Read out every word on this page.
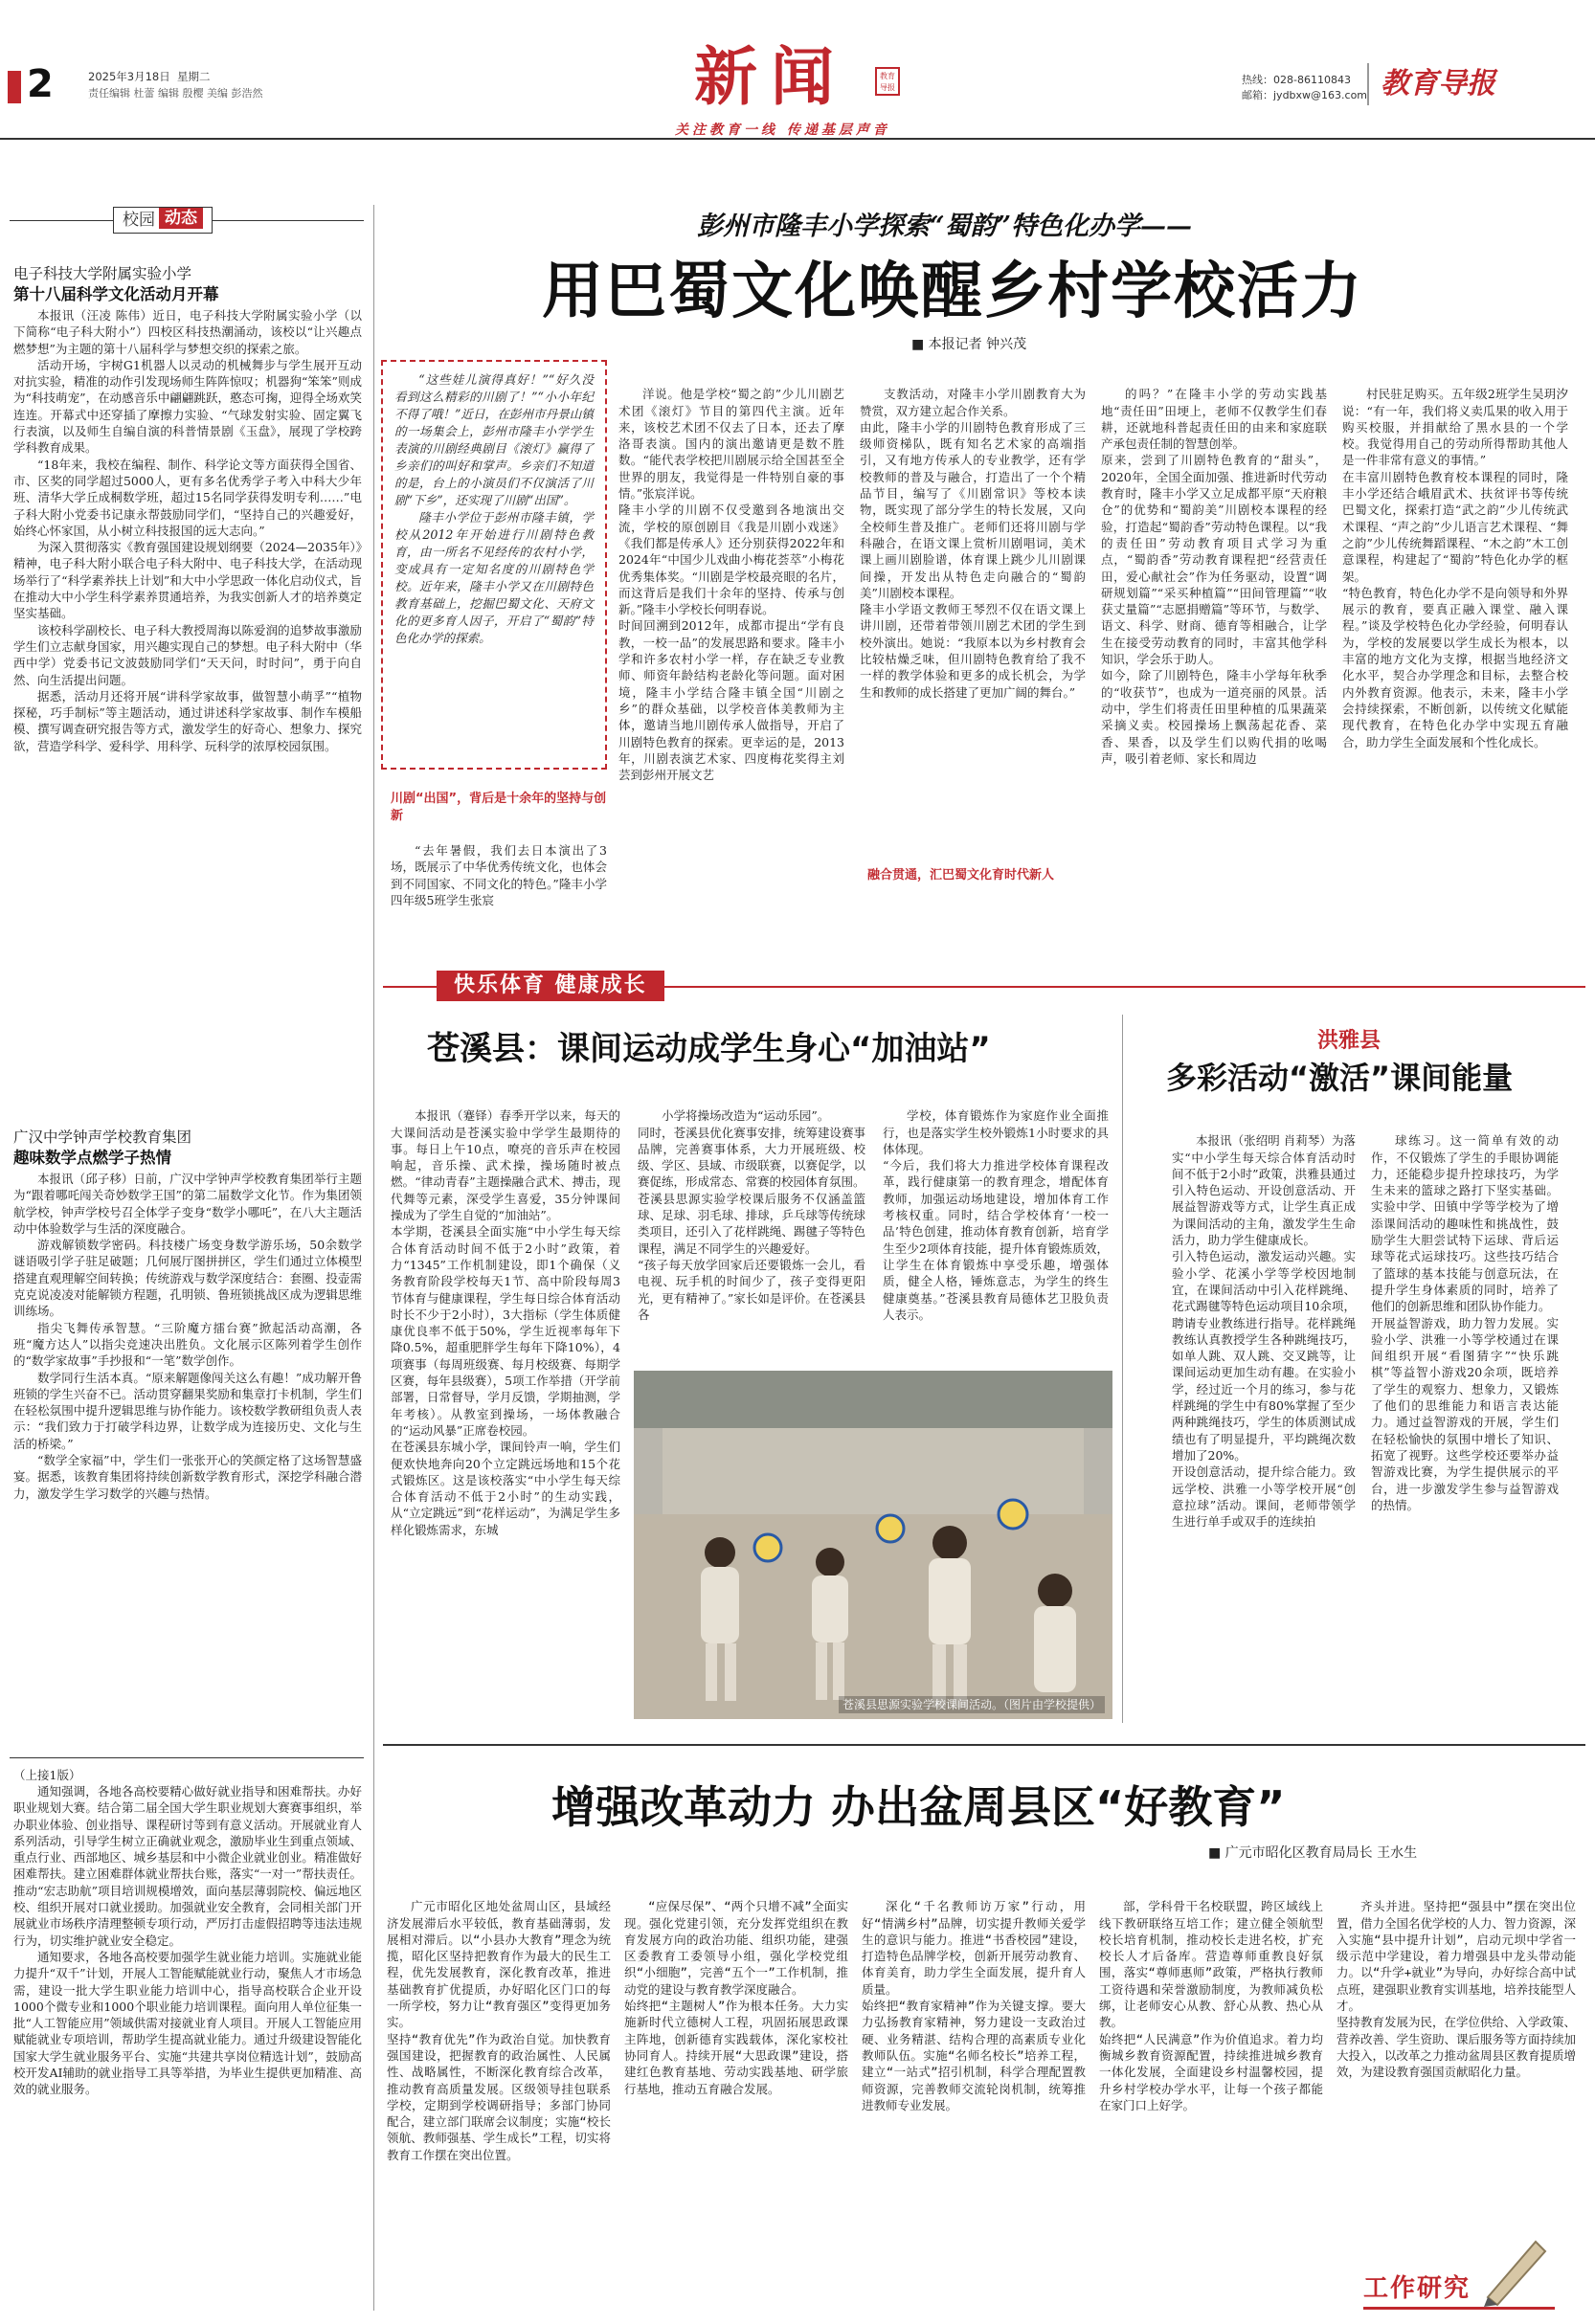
2	2025年3月18日 星期二
责任编辑 杜蕾 编辑 殷樱 美编 彭浩然	新闻	教育导报
关注教育一线 传递基层声音
热线：028-86110843
邮箱：jydbxw@163.com 教育导报
校园 动态
电子科技大学附属实验小学
第十八届科学文化活动月开幕

本报讯（汪凌 陈伟）近日，电子科技大学附属实验小学（以下简称“电子科大附小”）四校区科技热潮涌动，该校以“让兴趣点燃梦想”为主题的第十八届科学与梦想交织的探索之旅。

活动开场，宇树G1机器人以灵动的机械舞步与学生展开互动对抗实验，精准的动作引发现场师生阵阵惊叹；机器狗“笨笨”则成为“科技萌宠”，在动感音乐中翩翩跳跃，憨态可掬，迎得全场欢笑连连。开幕式中还穿插了摩擦力实验、“气球发射实验、固定翼飞行表演，以及师生自编自演的科普情景剧《玉盘》，展现了学校跨学科教育成果。

“18年来，我校在编程、制作、科学论文等方面获得全国省、市、区奖的同学超过5000人，更有多名优秀学子考入中科大少年班、清华大学丘成桐数学班，超过15名同学获得发明专利……”电子科大附小党委书记康永帮鼓励同学们，“坚持自己的兴趣爱好，始终心怀家国，从小树立科技报国的远大志向。”

为深入贯彻落实《教育强国建设规划纲要（2024—2035年）》精神，电子科大附小联合电子科大附中、电子科技大学，在活动现场举行了“科学素养扶上计划”和大中小学思政一体化启动仪式，旨在推动大中小学生科学素养贯通培养，为我实创新人才的培养奠定坚实基础。

该校科学副校长、电子科大教授周海以陈爱润的追梦故事激励学生们立志献身国家，用兴趣实现自己的梦想。电子科大附中（华西中学）党委书记文波鼓励同学们“天天问，时时问”，勇于向自然、向生活提出问题。

据悉，活动月还将开展“讲科学家故事，做智慧小萌孚”“植物探秘，巧手制标”等主题活动，通过讲述科学家故事、制作车模船模、撰写调查研究报告等方式，激发学生的好奇心、想象力、探究欲，营造学科学、爱科学、用科学、玩科学的浓厚校园氛围。

广汉中学钟声学校教育集团
趣味数学点燃学子热情

本报讯（邱子移）日前，广汉中学钟声学校教育集团举行主题为“跟着哪吒闯关奇妙数学王国”的第二届数学文化节。作为集团领航学校，钟声学校号召全体学子变身“数学小哪吒”，在八大主题活动中体验数学与生活的深度融合。

游戏解锁数学密码。科技楼广场变身数学游乐场，50余数学谜语吸引学子驻足破题；几何展厅图拼拼区，学生们通过立体模型搭建直观理解空间转换；传统游戏与数学深度结合：套圈、投壶需克克说凌凌对能解锁方程题，孔明锁、鲁班锁挑战区成为逻辑思维训练场。

指尖飞舞传承智慧。“三阶魔方擂台赛”掀起活动高潮，各班“魔方达人”以指尖竞速决出胜负。文化展示区陈列着学生创作的“数学家故事”手抄报和“一笔”数学创作。

数学同行生活本真。“原来解题像闯关这么有趣！”成功解开鲁班锁的学生兴奋不已。活动贯穿翻果奖励和集章打卡机制，学生们在轻松氛围中提升逻辑思维与协作能力。该校数学教研组负责人表示：“我们致力于打破学科边界，让数学成为连接历史、文化与生活的桥梁。”

“数学全家福”中，学生们一张张开心的笑颜定格了这场智慧盛宴。据悉，该教育集团将持续创新数学教育形式，深挖学科融合潜力，激发学生学习数学的兴趣与热情。

（上接1版）

通知强调，各地各高校要精心做好就业指导和困难帮扶。办好职业规划大赛。结合第二届全国大学生职业规划大赛赛事组织，举办职业体验、创业指导、课程研讨等到有意义活动。开展就业育人系列活动，引导学生树立正确就业观念，激励毕业生到重点领域、重点行业、西部地区、城乡基层和中小微企业就业创业。精准做好困难帮扶。建立困难群体就业帮扶台账，落实“一对一”帮扶责任。推动“宏志助航”项目培训规模增效，面向基层薄弱院校、偏远地区校、组织开展对口就业援助。加强就业安全教育，会同相关部门开展就业市场秩序清理整顿专项行动，严厉打击虚假招聘等违法违规行为，切实维护就业安全稳定。

通知要求，各地各高校要加强学生就业能力培训。实施就业能力提升“双千”计划，开展人工智能赋能就业行动，聚焦人才市场急需，建设一批大学生职业能力培训中心，指导高校联合企业开设1000个微专业和1000个职业能力培训课程。面向用人单位征集一批“人工智能应用”领域供需对接就业育人项目。开展人工智能应用赋能就业专项培训，帮助学生提高就业能力。通过升级建设智能化国家大学生就业服务平台、实施“共建共享岗位精选计划”，鼓励高校开发AI辅助的就业指导工具等举措，为毕业生提供更加精准、高效的就业服务。

彭州市隆丰小学探索“蜀韵”特色化办学——
用巴蜀文化唤醒乡村学校活力
■ 本报记者 钟兴茂

“这些娃儿演得真好！”“好久没看到这么精彩的川剧了！”“小小年纪不得了哦！”近日，在彭州市丹景山镇的一场集会上，彭州市隆丰小学学生表演的川剧经典剧目《滚灯》赢得了乡亲们的叫好和掌声。乡亲们不知道的是，台上的小演员们不仅演活了川剧“下乡”，还实现了川剧“出国”。

隆丰小学位于彭州市隆丰镇，学校从2012年开始进行川剧特色教育，由一所名不见经传的农村小学，变成具有一定知名度的川剧特色学校。近年来，隆丰小学又在川剧特色教育基础上，挖掘巴蜀文化、天府文化的更多育人因子，开启了“蜀韵”特色化办学的探索。

川剧“出国”，背后是十余年的坚持与创新

“去年暑假，我们去日本演出了3场，既展示了中华优秀传统文化，也体会到不同国家、不同文化的特色。”隆丰小学四年级5班学生张宸

洋说。他是学校“蜀之韵”少儿川剧艺术团《滚灯》节目的第四代主演。近年来，该校艺术团不仅去了日本，还去了摩洛哥表演。国内的演出邀请更是数不胜数。“能代表学校把川剧展示给全国甚至全世界的朋友，我觉得是一件特别自豪的事情。”张宸洋说。
隆丰小学的川剧不仅受邀到各地演出交流，学校的原创剧目《我是川剧小戏迷》《我们都是传承人》还分别获得2022年和2024年“中国少儿戏曲小梅花荟萃”小梅花优秀集体奖。“川剧是学校最亮眼的名片，而这背后是我们十余年的坚持、传承与创新。”隆丰小学校长何明春说。
时间回溯到2012年，成都市提出“学有良教，一校一品”的发展思路和要求。隆丰小学和许多农村小学一样，存在缺乏专业教师、师资年龄结构老龄化等问题。面对困境，隆丰小学结合隆丰镇全国“川剧之乡”的群众基础，以学校音体美教师为主体，邀请当地川剧传承人做指导，开启了川剧特色教育的探索。更幸运的是，2013年，川剧表演艺术家、四度梅花奖得主刘芸到彭州开展文艺

支教活动，对隆丰小学川剧教育大为赞赏，双方建立起合作关系。
由此，隆丰小学的川剧特色教育形成了三级师资梯队，既有知名艺术家的高端指引，又有地方传承人的专业教学，还有学校教师的普及与融合，打造出了一个个精品节目，编写了《川剧常识》等校本读物，既实现了部分学生的特长发展，又向全校师生普及推广。老师们还将川剧与学科融合，在语文课上赏析川剧唱词，美术课上画川剧脸谱，体育课上跳少儿川剧课间操，开发出从特色走向融合的“蜀韵美”川剧校本课程。
隆丰小学语文教师王琴烈不仅在语文课上讲川剧，还带着带领川剧艺术团的学生到校外演出。她说：“我原本以为乡村教育会比较枯燥乏味，但川剧特色教育给了我不一样的教学体验和更多的成长机会，为学生和教师的成长搭建了更加广阔的舞台。”

融合贯通，汇巴蜀文化育时代新人

的吗？”在隆丰小学的劳动实践基地“责任田”田埂上，老师不仅教学生们春耕，还就地科普起责任田的由来和家庭联产承包责任制的智慧创举。
原来，尝到了川剧特色教育的“甜头”，2020年，全国全面加强、推进新时代劳动教育时，隆丰小学又立足成都平原“天府粮仓”的优势和“蜀韵美”川剧校本课程的经验，打造起“蜀韵香”劳动特色课程。以“我的责任田”劳动教育项目式学习为重点，“蜀韵香”劳动教育课程把“经营责任田，爱心献社会”作为任务驱动，设置“调研规划篇”“采买种植篇”“田间管理篇”“收获丈量篇”“志愿捐赠篇”等环节，与数学、语文、科学、财商、德育等相融合，让学生在接受劳动教育的同时，丰富其他学科知识，学会乐于助人。
如今，除了川剧特色，隆丰小学每年秋季的“收获节”，也成为一道亮丽的风景。活动中，学生们将责任田里种植的瓜果蔬菜采摘义卖。校园操场上飘荡起花香、菜香、果香，以及学生们以购代捐的吆喝声，吸引着老师、家长和周边

村民驻足购买。五年级2班学生吴玥汐说：“有一年，我们将义卖瓜果的收入用于购买校服，并捐献给了黑水县的一个学校。我觉得用自己的劳动所得帮助其他人是一件非常有意义的事情。”
在丰富川剧特色教育校本课程的同时，隆丰小学还结合峨眉武术、扶贫评书等传统巴蜀文化，探索打造“武之韵”少儿传统武术课程、“声之韵”少儿语言艺术课程、“舞之韵”少儿传统舞蹈课程、“木之韵”木工创意课程，构建起了“蜀韵”特色化办学的框架。
“特色教育，特色化办学不是向领导和外界展示的教育，要真正融入课堂、融入课程。”谈及学校特色化办学经验，何明春认为，学校的发展要以学生成长为根本，以丰富的地方文化为支撑，根据当地经济文化水平，契合办学理念和目标，去整合校内外教育资源。他表示，未来，隆丰小学会持续探索，不断创新，以传统文化赋能现代教育，在特色化办学中实现五育融合，助力学生全面发展和个性化成长。

快乐体育 健康成长
苍溪县：课间运动成学生身心“加油站”

本报讯（蹇铎）春季开学以来，每天的大课间活动是苍溪实验中学学生最期待的事。每日上午10点，嘹亮的音乐声在校园响起，音乐操、武术操，操场随时被点燃。“律动青春”主题操融合武术、搏击，现代舞等元素，深受学生喜爱，35分钟课间操成为了学生自觉的“加油站”。
本学期，苍溪县全面实施“中小学生每天综合体育活动时间不低于2小时”政策，着力“1345”工作机制建设，即1个确保（义务教育阶段学校每天1节、高中阶段每周3节体育与健康课程，学生每日综合体育活动时长不少于2小时），3大指标（学生体质健康优良率不低于50%，学生近视率每年下降0.5%，超重肥胖学生每年下降10%），4项赛事（每周班级赛、每月校级赛、每期学区赛，每年县级赛），5项工作举措（开学前部署，日常督导，学月反馈，学期抽测，学年考核）。从教室到操场，一场体教融合的“运动风暴”正席卷校园。
在苍溪县东城小学，课间铃声一响，学生们便欢快地奔向20个立定跳远场地和15个花式锻炼区。这是该校落实“中小学生每天综合体育活动不低于2小时”的生动实践，从“立定跳远”到“花样运动”，为满足学生多样化锻炼需求，东城

小学将操场改造为“运动乐园”。
同时，苍溪县优化赛事安排，统筹建设赛事品牌，完善赛事体系，大力开展班级、校级、学区、县域、市级联赛，以赛促学，以赛促练，形成常态、常赛的校园体育氛围。
苍溪县思源实验学校课后服务不仅涵盖篮球、足球、羽毛球、排球，乒乓球等传统球类项目，还引入了花样跳绳、踢毽子等特色课程，满足不同学生的兴趣爱好。
“孩子每天放学回家后还要锻炼一会儿，看电视、玩手机的时间少了，孩子变得更阳光，更有精神了。”家长如是评价。在苍溪县各

学校，体育锻炼作为家庭作业全面推行，也是落实学生校外锻炼1小时要求的具体体现。
“今后，我们将大力推进学校体育课程改革，践行健康第一的教育理念，增配体育教师，加强运动场地建设，增加体育工作考核权重。同时，结合学校体育‘一校一品’特色创建，推动体育教育创新，培育学生至少2项体育技能，提升体育锻炼质效，让学生在体育锻炼中享受乐趣，增强体质，健全人格，锤炼意志，为学生的终生健康奠基。”苍溪县教育局德体艺卫股负责人表示。

苍溪县思源实验学校课间活动。（图片由学校提供）
洪雅县
多彩活动“激活”课间能量

本报讯（张绍明 肖莉琴）为落实“中小学生每天综合体育活动时间不低于2小时”政策，洪雅县通过引入特色运动、开设创意活动、开展益智游戏等方式，让学生真正成为课间活动的主角，激发学生生命活力，助力学生健康成长。
引入特色运动，激发运动兴趣。实验小学、花溪小学等学校因地制宜，在课间活动中引入花样跳绳、花式踢毽等特色运动项目10余项，聘请专业教练进行指导。花样跳绳教练认真教授学生各种跳绳技巧，如单人跳、双人跳、交叉跳等，让课间运动更加生动有趣。在实验小学，经过近一个月的练习，参与花样跳绳的学生中有80%掌握了至少两种跳绳技巧，学生的体质测试成绩也有了明显提升，平均跳绳次数增加了20%。
开设创意活动，提升综合能力。致远学校、洪雅一小等学校开展“创意拉球”活动。课间，老师带领学生进行单手或双手的连续拍

球练习。这一简单有效的动作，不仅锻炼了学生的手眼协调能力，还能稳步提升控球技巧，为学生未来的篮球之路打下坚实基础。实验中学、田镇中学等学校为了增添课间活动的趣味性和挑战性，鼓励学生大胆尝试特下运球、背后运球等花式运球技巧。这些技巧结合了篮球的基本技能与创意玩法，在提升学生身体素质的同时，培养了他们的创新思维和团队协作能力。
开展益智游戏，助力智力发展。实验小学、洪雅一小等学校通过在课间组织开展“看图猜字”“快乐跳棋”等益智小游戏20余项，既培养了学生的观察力、想象力，又锻炼了他们的思维能力和语言表达能力。通过益智游戏的开展，学生们在轻松愉快的氛围中增长了知识、拓宽了视野。这些学校还要举办益智游戏比赛，为学生提供展示的平台，进一步激发学生参与益智游戏的热情。

增强改革动力 办出盆周县区“好教育”
■ 广元市昭化区教育局局长 王水生

广元市昭化区地处盆周山区，县域经济发展滞后水平较低，教育基础薄弱，发展相对滞后。以“小县办大教育”理念为统揽，昭化区坚持把教育作为最大的民生工程，优先发展教育，深化教育改革，推进基础教育扩优提质，办好昭化区门口的每一所学校，努力让“教育强区”变得更加务实。
坚持“教育优先”作为政治自觉。加快教育强国建设，把握教育的政治属性、人民属性、战略属性，不断深化教育综合改革，推动教育高质量发展。区级领导挂包联系学校，定期到学校调研指导；多部门协同配合，建立部门联席会议制度；实施“校长领航、教师强基、学生成长”工程，切实将教育工作摆在突出位置。

“应保尽保”、“两个只增不减”全面实现。强化党建引领，充分发挥党组织在教育发展方向的政治功能、组织功能，建强区委教育工委领导小组，强化学校党组织“小细胞”，完善“五个一”工作机制，推动党的建设与教育教学深度融合。
始终把“主题树人”作为根本任务。大力实施新时代立德树人工程，巩固拓展思政课主阵地，创新德育实践载体，深化家校社协同育人。持续开展“大思政课”建设，搭建红色教育基地、劳动实践基地、研学旅行基地，推动五育融合发展。

深化“千名教师访万家”行动，用好“情满乡村”品牌，切实提升教师关爱学生的意识与能力。推进“书香校园”建设，打造特色品牌学校，创新开展劳动教育、体育美育，助力学生全面发展，提升育人质量。
始终把“教育家精神”作为关键支撑。要大力弘扬教育家精神，努力建设一支政治过硬、业务精湛、结构合理的高素质专业化教师队伍。实施“名师名校长”培养工程，建立“一站式”招引机制，科学合理配置教师资源，完善教师交流轮岗机制，统筹推进教师专业发展。

部，学科骨干名校联盟，跨区域线上线下教研联络互培工作；建立健全领航型校长培育机制，推动校长走进名校，扩充校长人才后备库。营造尊师重教良好氛围，落实“尊师惠师”政策，严格执行教师工资待遇和荣誉激励制度，为教师减负松绑，让老师安心从教、舒心从教、热心从教。
始终把“人民满意”作为价值追求。着力均衡城乡教育资源配置，持续推进城乡教育一体化发展，全面建设乡村温馨校园，提升乡村学校办学水平，让每一个孩子都能在家门口上好学。

齐头并进。坚持把“强县中”摆在突出位置，借力全国名优学校的人力、智力资源，深入实施“县中提升计划”，启动元坝中学省一级示范中学建设，着力增强县中龙头带动能力。以“升学+就业”为导向，办好综合高中试点班，建强职业教育实训基地，培养技能型人才。
坚持教育发展为民，在学位供给、入学政策、营养改善、学生资助、课后服务等方面持续加大投入，以改革之力推动盆周县区教育提质增效，为建设教育强国贡献昭化力量。

工作研究
